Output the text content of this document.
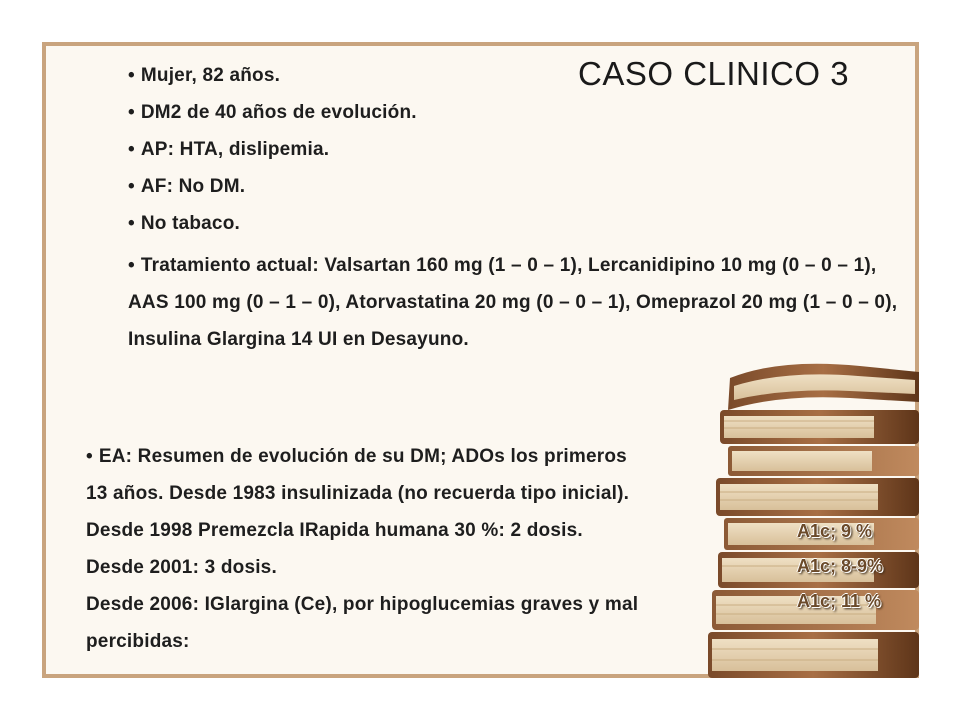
CASO CLINICO 3
• Mujer, 82 años.
• DM2 de 40 años de evolución.
• AP: HTA, dislipemia.
• AF: No DM.
• No tabaco.
• Tratamiento actual: Valsartan 160 mg (1 – 0 – 1), Lercanidipino 10 mg (0 – 0 – 1), AAS 100 mg (0 – 1 – 0), Atorvastatina 20 mg (0 – 0 – 1), Omeprazol 20 mg (1 – 0 – 0), Insulina Glargina 14 UI en Desayuno.
• EA: Resumen de evolución de su DM; ADOs los primeros
13 años. Desde 1983 insulinizada (no recuerda tipo inicial).
Desde 1998 Premezcla IRapida humana 30 %: 2 dosis.
Desde 2001: 3 dosis.
Desde 2006: IGlargina (Ce), por hipoglucemias graves y mal
percibidas:
A1c; 9 %
A1c; 8-9%
A1c; 11 %
